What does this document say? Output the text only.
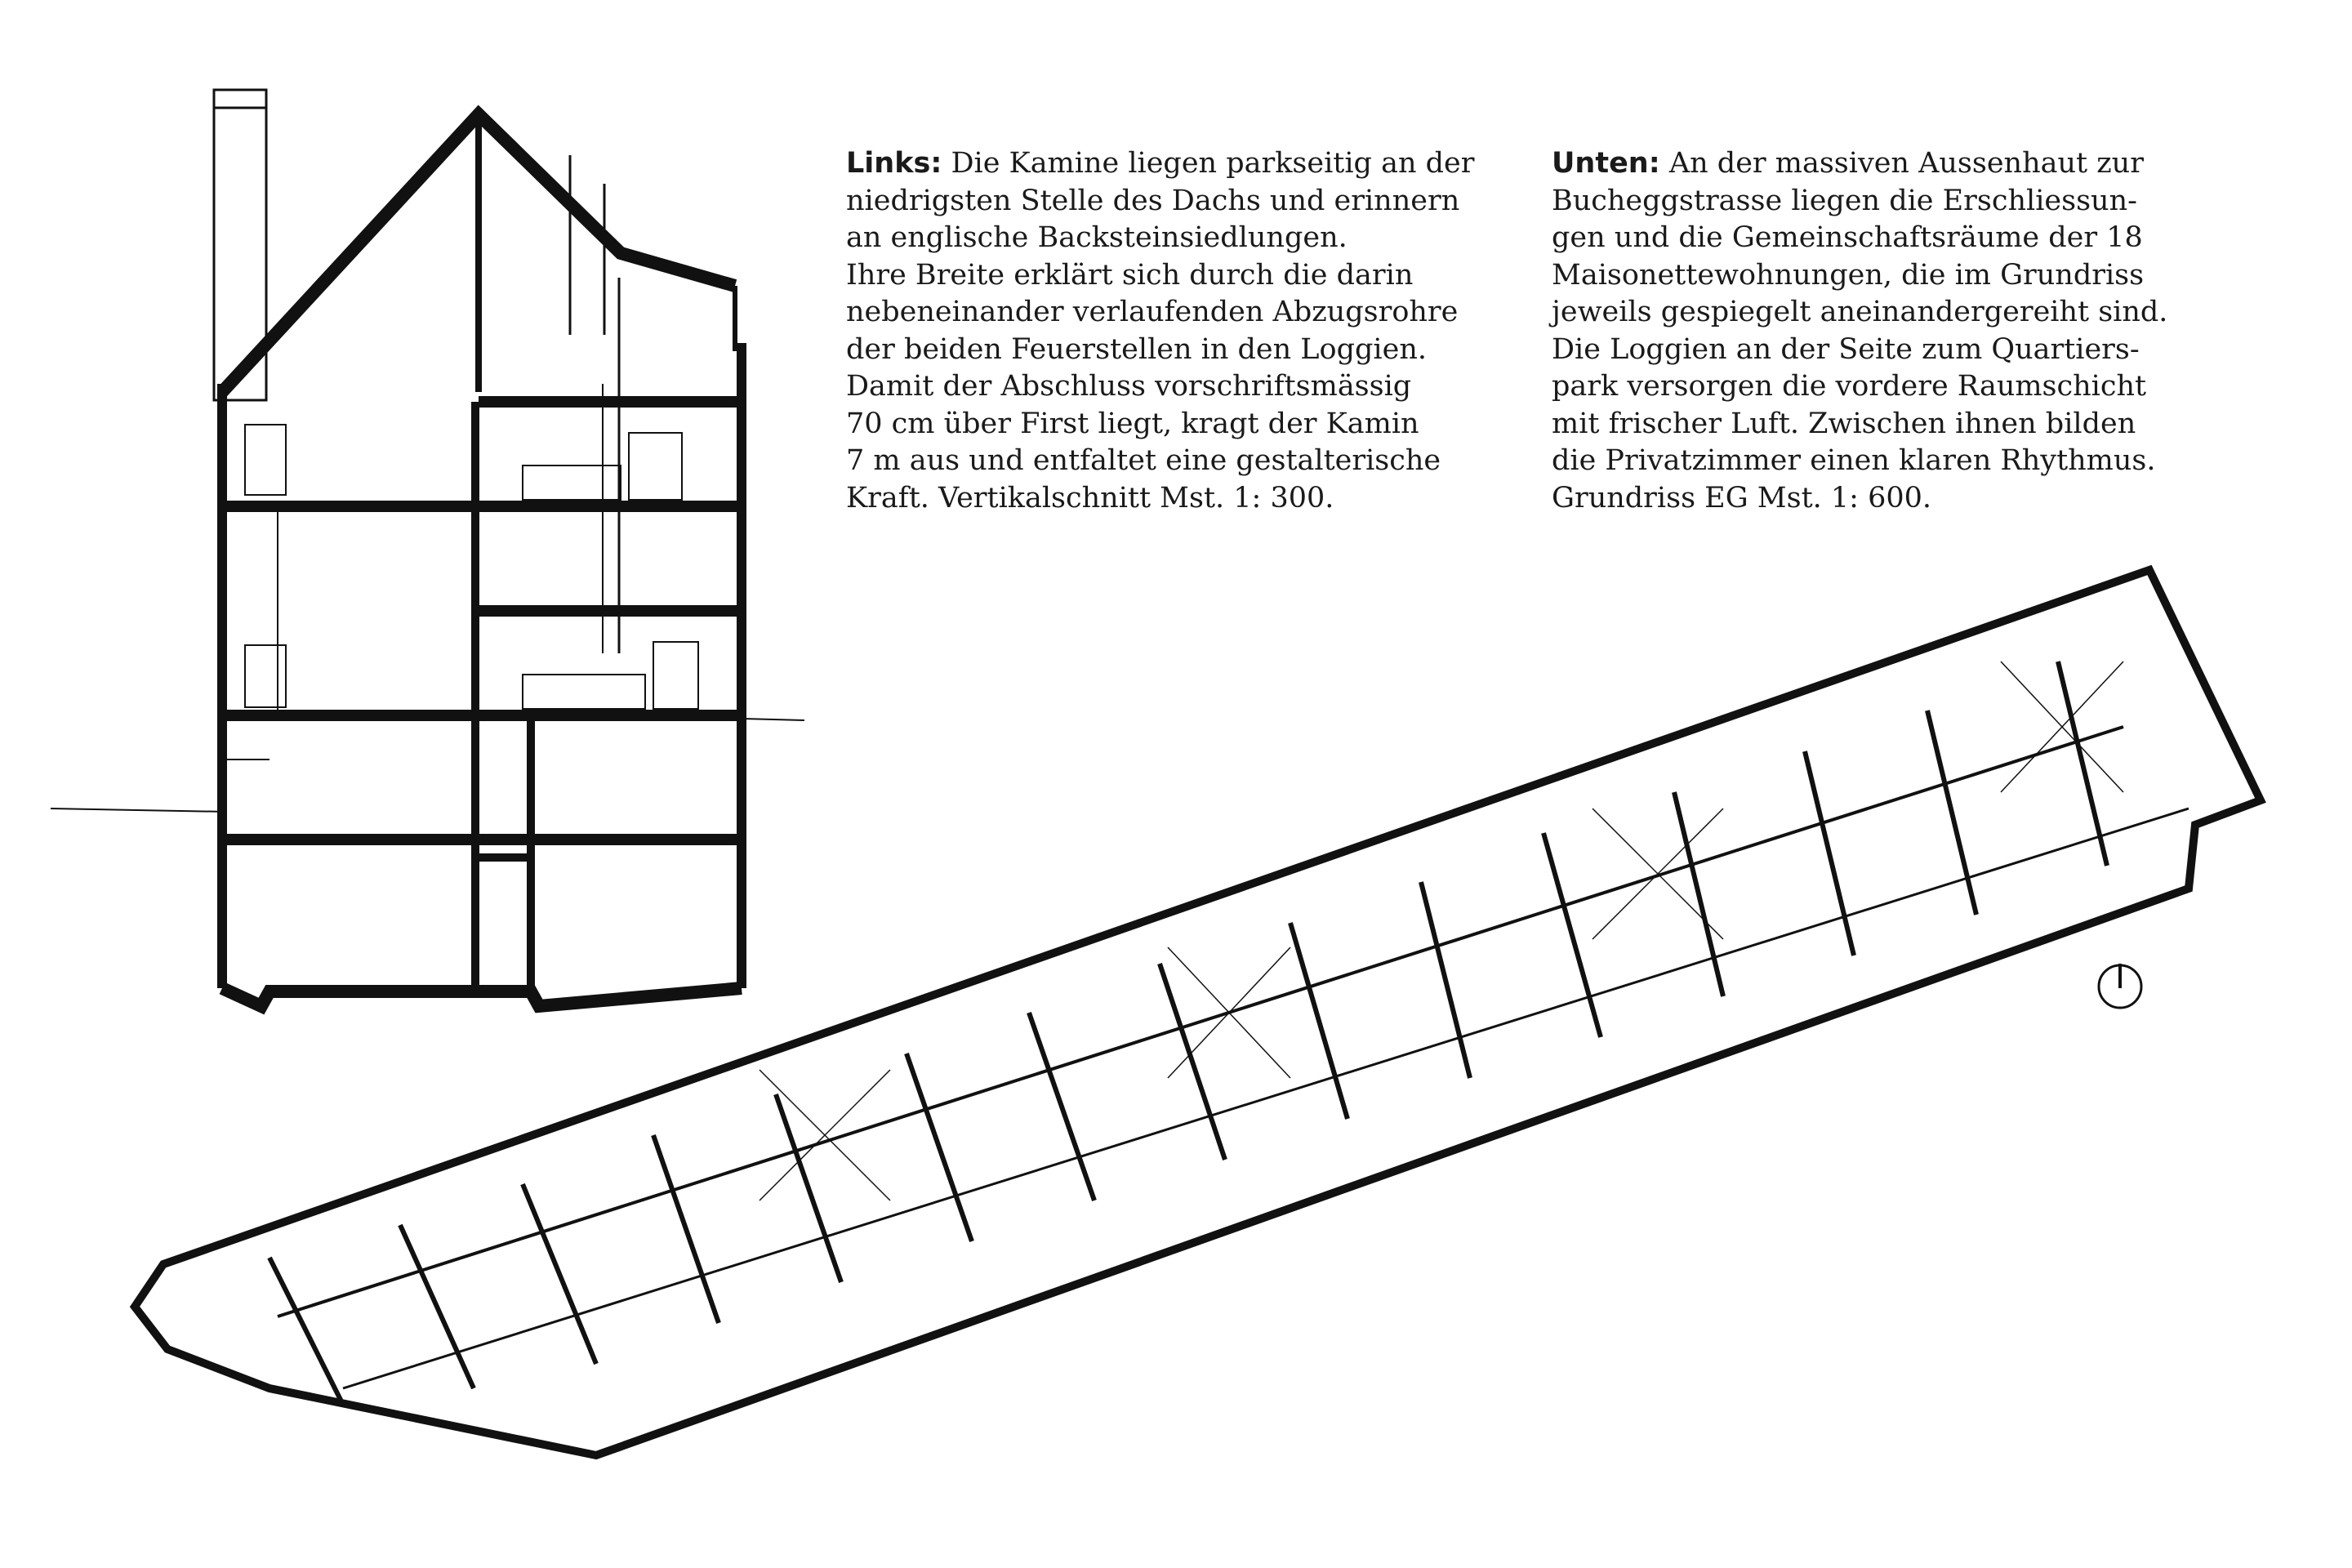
Links: Die Kamine liegen parkseitig an der
niedrigsten Stelle des Dachs und erinnern
an englische Backsteinsiedlungen.
Ihre Breite erklärt sich durch die darin
nebeneinander verlaufenden Abzugsrohre
der beiden Feuerstellen in den Loggien.
Damit der Abschluss vorschriftsmässig
70 cm über First liegt, kragt der Kamin
7 m aus und entfaltet eine gestalterische
Kraft. Vertikalschnitt Mst. 1: 300.

Unten: An der massiven Aussenhaut zur
Bucheggstrasse liegen die Erschliessun-
gen und die Gemeinschaftsräume der 18
Maisonettewohnungen, die im Grundriss
jeweils gespiegelt aneinandergereiht sind.
Die Loggien an der Seite zum Quartiers-
park versorgen die vordere Raumschicht
mit frischer Luft. Zwischen ihnen bilden
die Privatzimmer einen klaren Rhythmus.
Grundriss EG Mst. 1: 600.
